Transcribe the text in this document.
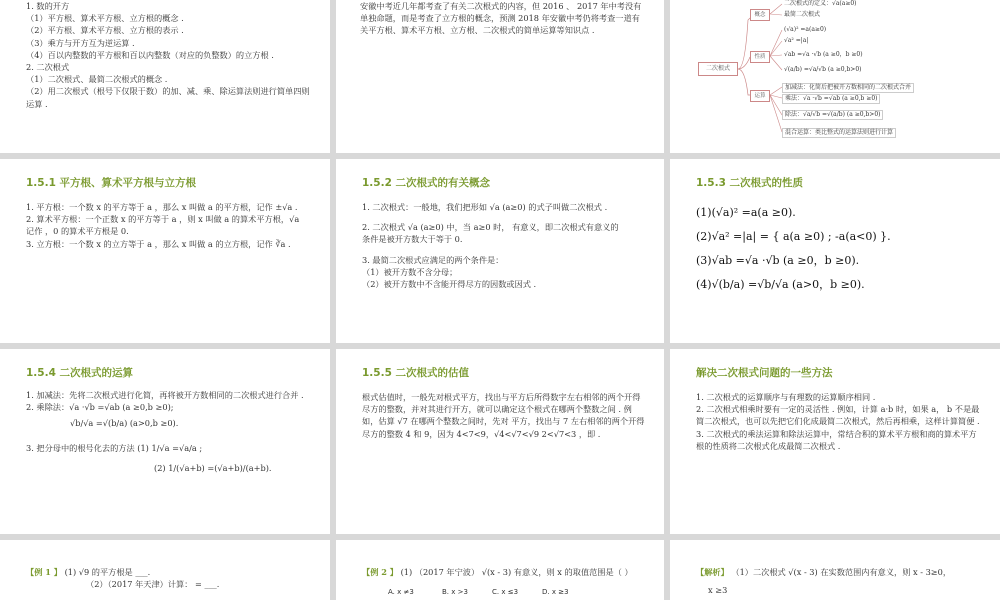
1. 数的开方

（1）平方根、算术平方根、立方根的概念 .

（2）平方根、算术平方根、立方根的表示 .

（3）乘方与开方互为逆运算 .

（4）百以内整数的平方根和百以内整数（对应的负整数）的立方根 .

2. 二次根式

（1）二次根式、最简二次根式的概念 .

（2）用二次根式（根号下仅限于数）的加、减、乘、除运算法则进行简单四则运算 .

安徽中考近几年都考查了有关二次根式的内容，但 2016 、 2017 年中考没有单独命题，而是考查了立方根的概念，预测 2018 年安徽中考仍将考查一道有关平方根、算术平方根、立方根、二次根式的简单运算等知识点 .
二次根式
概念
性质
运算
二次根式的定义：√a(a≥0)
最简二次根式
(√a)² =a(a≥0)
√a² =|a|
√ab =√a ·√b (a ≥0，b ≥0)
√(a/b) =√a/√b (a ≥0,b>0)
加减法：化简后把被开方数相同的二次根式合并
乘法：√a ·√b =√ab (a ≥0,b ≥0)
除法：√a/√b =√(a/b) (a ≥0,b>0)
混合运算：类比整式的运算法则进行计算
1.5.1 平方根、算术平方根与立方根

1. 平方根：一个数 x 的平方等于 a ，那么 x 叫做 a 的平方根，记作 ±√a .

2. 算术平方根：一个正数 x 的平方等于 a ，则 x 叫做 a 的算术平方根，√a

记作 ，0 的算术平方根是 0.

3. 立方根：一个数 x 的立方等于 a ，那么 x 叫做 a 的立方根，记作 ∛a .

1.5.2 二次根式的有关概念

1. 二次根式：一般地，我们把形如 √a (a≥0) 的式子叫做二次根式 .

2. 二次根式 √a (a≥0) 中，当 a≥0 时， 有意义，即二次根式有意义的

条件是被开方数大于等于 0.

3. 最简二次根式应满足的两个条件是：

（1）被开方数不含分母；

（2）被开方数中不含能开得尽方的因数或因式 .

1.5.3 二次根式的性质

(1)(√a)² =a(a ≥0).

(2)√a² =|a| = { a(a ≥0) ; -a(a<0) }.

(3)√ab =√a ·√b (a ≥0，b ≥0).

(4)√(b/a) =√b/√a (a>0，b ≥0).

1.5.4 二次根式的运算

1. 加减法：先将二次根式进行化简，再将被开方数相同的二次根式进行合并 .

2. 乘除法：√a ·√b =√ab (a ≥0,b ≥0);

√b/√a =√(b/a) (a>0,b ≥0).

3. 把分母中的根号化去的方法 (1) 1/√a =√a/a ;

(2) 1/(√a+b) =(√a+b)/(a+b).

1.5.5 二次根式的估值
根式估值时，一般先对根式平方，找出与平方后所得数字左右相邻的两个开得尽方的整数，并对其进行开方，就可以确定这个根式在哪两个整数之间 . 例如，估算 √7 在哪两个整数之间时，先对 平方，找出与 7 左右相邻的两个开得尽方的整数 4 和 9，因为 4<7<9，√4<√7<√9 2<√7<3 ，即 .
解决二次根式问题的一些方法

1. 二次根式的运算顺序与有理数的运算顺序相同 .

2. 二次根式相乘时要有一定的灵活性 . 例如，计算 a·b 时，如果 a， b 不是最简二次根式，也可以先把它们化成最简二次根式，然后再相乘，这样计算简便 .

3. 二次根式的乘法运算和除法运算中，常结合积的算术平方根和商的算术平方根的性质将二次根式化成最简二次根式 .

【例 1 】 (1) √9 的平方根是 ___.

（2）（2017 年天津）计算： = ___.

【例 2 】 (1) （2017 年宁波） √(x - 3) 有意义，则 x 的取值范围是（ ）

A. x ≠3	B. x >3	C. x ≤3	D. x ≥3

【解析】 （1）二次根式 √(x - 3) 在实数范围内有意义，则 x - 3≥0，

x ≥3
